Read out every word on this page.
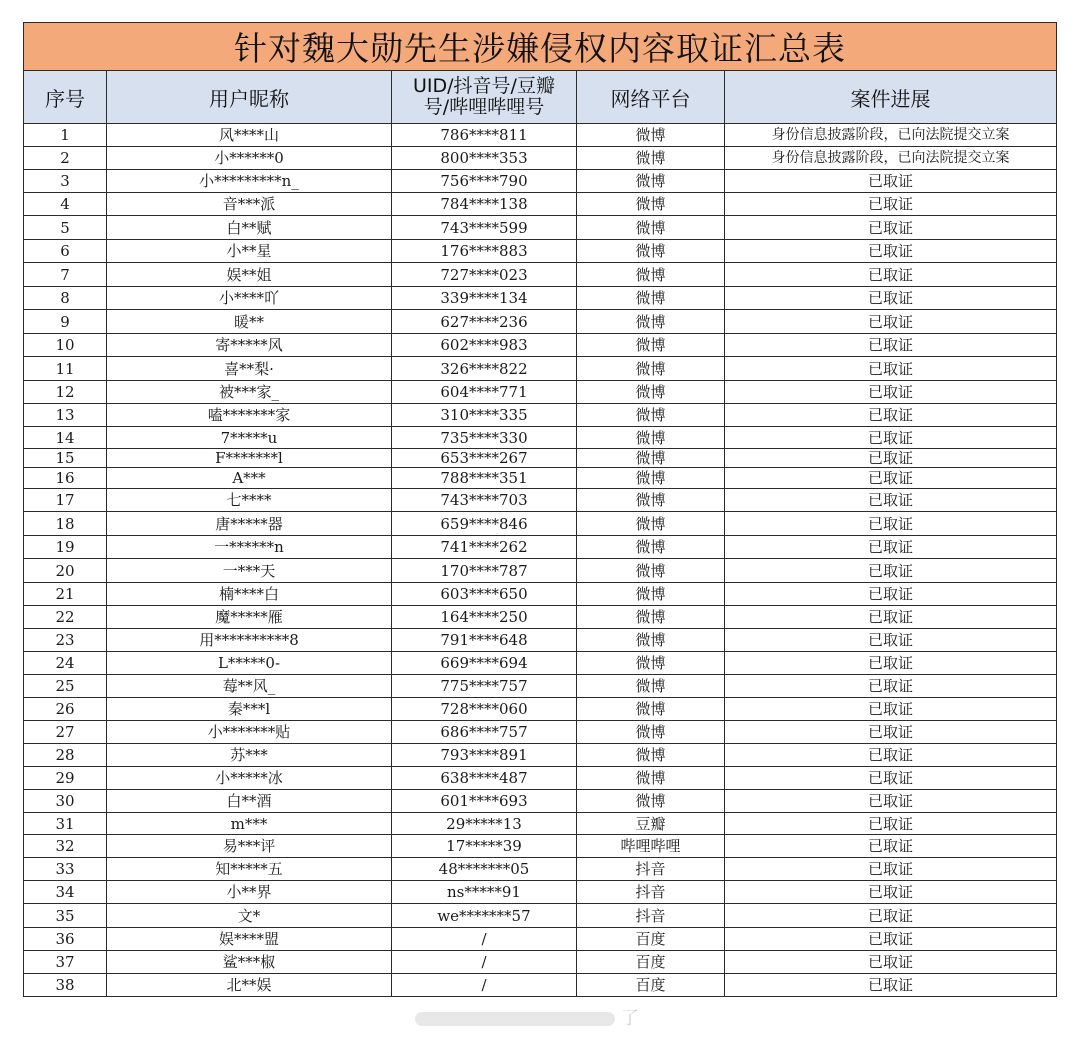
针对魏大勋先生涉嫌侵权内容取证汇总表				
序号	用户昵称	UID/抖音号/豆瓣
号/哔哩哔哩号	网络平台	案件进展
1	风****山	786****811	微博	身份信息披露阶段，已向法院提交立案
2	小******0	800****353	微博	身份信息披露阶段，已向法院提交立案
3	小*********n_	756****790	微博	已取证
4	音***派	784****138	微博	已取证
5	白**赋	743****599	微博	已取证
6	小**星	176****883	微博	已取证
7	娱**姐	727****023	微博	已取证
8	小****吖	339****134	微博	已取证
9	暖**	627****236	微博	已取证
10	寄*****风	602****983	微博	已取证
11	喜**梨·	326****822	微博	已取证
12	被***家_	604****771	微博	已取证
13	嗑*******家	310****335	微博	已取证
14	7*****u	735****330	微博	已取证
15	F*******l	653****267	微博	已取证
16	A***	788****351	微博	已取证
17	七****	743****703	微博	已取证
18	唐*****器	659****846	微博	已取证
19	一******n	741****262	微博	已取证
20	一***天	170****787	微博	已取证
21	楠****白	603****650	微博	已取证
22	魔*****雁	164****250	微博	已取证
23	用**********8	791****648	微博	已取证
24	L*****0-	669****694	微博	已取证
25	莓**风_	775****757	微博	已取证
26	秦***l	728****060	微博	已取证
27	小*******贴	686****757	微博	已取证
28	苏***	793****891	微博	已取证
29	小*****冰	638****487	微博	已取证
30	白**酒	601****693	微博	已取证
31	m***	29*****13	豆瓣	已取证
32	易***评	17*****39	哔哩哔哩	已取证
33	知*****五	48*******05	抖音	已取证
34	小**界	ns*****91	抖音	已取证
35	文*	we*******57	抖音	已取证
36	娱****盟	/	百度	已取证
37	鲨***椒	/	百度	已取证
38	北**娱	/	百度	已取证
了
